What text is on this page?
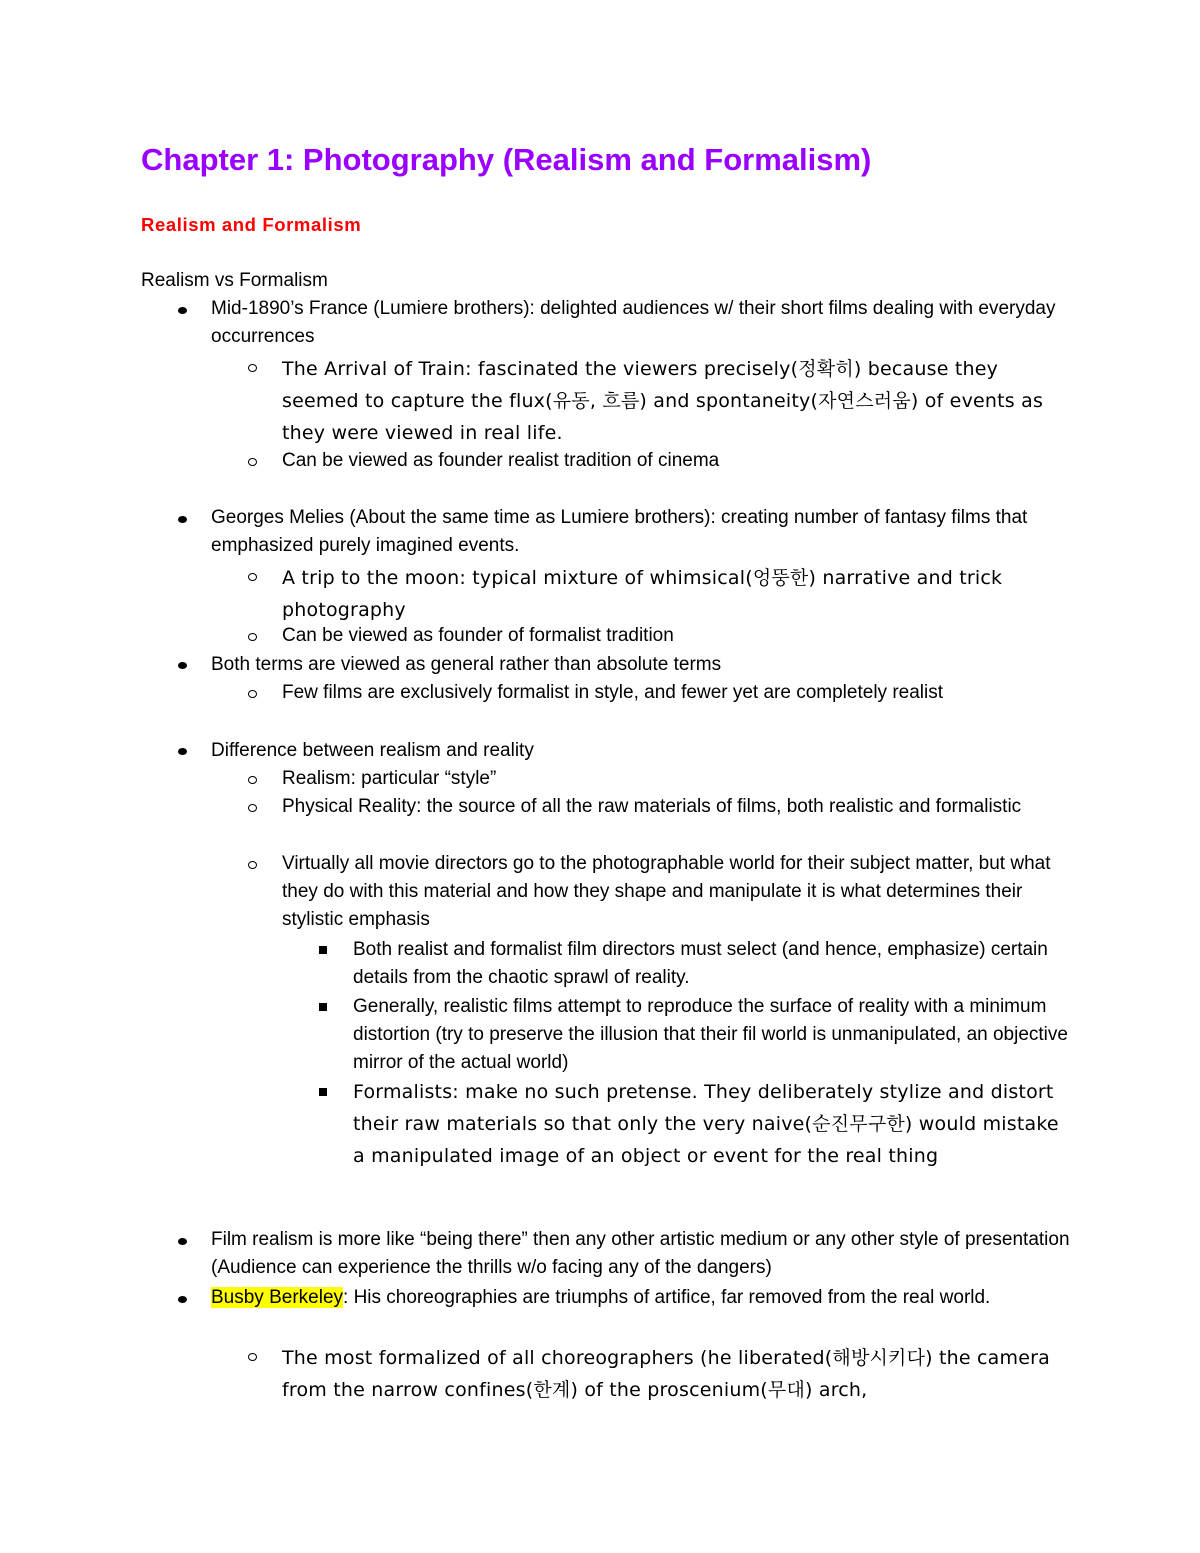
Chapter 1: Photography (Realism and Formalism)
Realism and Formalism
Realism vs Formalism
Mid-1890’s France (Lumiere brothers): delighted audiences w/ their short films dealing with everyday occurrences
The Arrival of Train: fascinated the viewers precisely(정확히) because they seemed to capture the flux(유동, 흐름) and spontaneity(자연스러움) of events as they were viewed in real life.
Can be viewed as founder realist tradition of cinema
Georges Melies (About the same time as Lumiere brothers): creating number of fantasy films that emphasized purely imagined events.
A trip to the moon: typical mixture of whimsical(엉뚱한) narrative and trick photography
Can be viewed as founder of formalist tradition
Both terms are viewed as general rather than absolute terms
Few films are exclusively formalist in style, and fewer yet are completely realist
Difference between realism and reality
Realism: particular “style”
Physical Reality: the source of all the raw materials of films, both realistic and formalistic
Virtually all movie directors go to the photographable world for their subject matter, but what they do with this material and how they shape and manipulate it is what determines their stylistic emphasis
Both realist and formalist film directors must select (and hence, emphasize) certain details from the chaotic sprawl of reality.
Generally, realistic films attempt to reproduce the surface of reality with a minimum distortion (try to preserve the illusion that their fil world is unmanipulated, an objective mirror of the actual world)
Formalists: make no such pretense. They deliberately stylize and distort their raw materials so that only the very naive(순진무구한) would mistake a manipulated image of an object or event for the real thing
Film realism is more like “being there” then any other artistic medium or any other style of presentation (Audience can experience the thrills w/o facing any of the dangers)
Busby Berkeley: His choreographies are triumphs of artifice, far removed from the real world.
The most formalized of all choreographers (he liberated(해방시키다) the camera from the narrow confines(한계) of the proscenium(무대) arch,
